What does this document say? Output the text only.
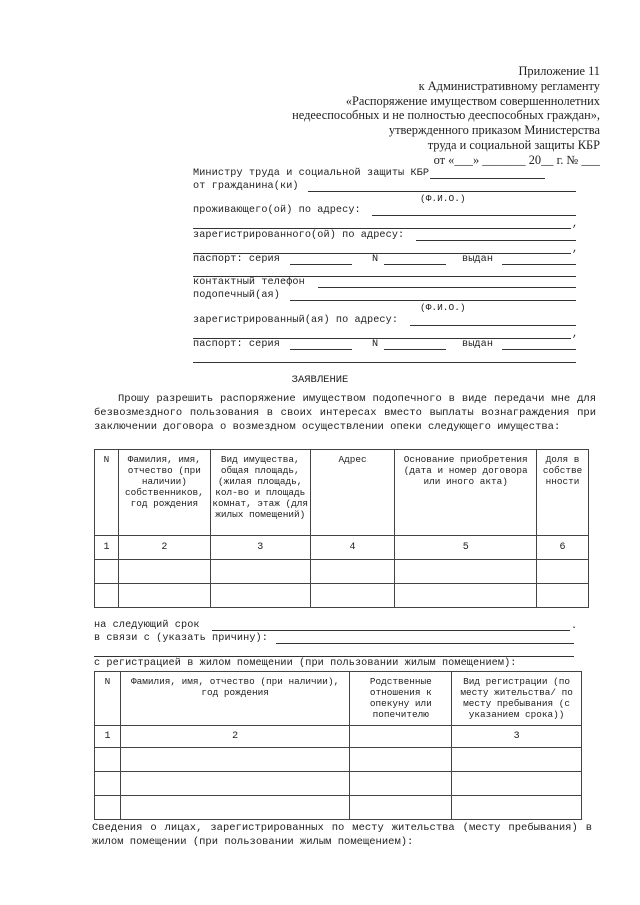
Приложение 11
к Административному регламенту
«Распоряжение имуществом совершеннолетних
недееспособных и не полностью дееспособных граждан»,
утвержденного приказом Министерства
труда и социальной защиты КБР
от «___» _______ 20__ г. № ___
Министру труда и социальной защиты КБР
от гражданина(ки)
(Ф.И.О.)
проживающего(ой) по адресу:
,
зарегистрированного(ой) по адресу:
,
паспорт: серия	N	выдан
контактный телефон
подопечный(ая)
(Ф.И.О.)
зарегистрированный(ая) по адресу:
,
паспорт: серия	N	выдан
ЗАЯВЛЕНИЕ
Прошу разрешить распоряжение имуществом подопечного в виде передачи мне для безвозмездного пользования в своих интересах вместо выплаты вознаграждения при заключении договора о возмездном осуществлении опеки следующего имущества:
N	Фамилия, имя, отчество (при наличии) собственников, год рождения	Вид имущества, общая площадь, (жилая площадь, кол-во и площадь комнат, этаж (для жилых помещений)	Адрес	Основание приобретения (дата и номер договора или иного акта)	Доля в собстве нности
1	2	3	4	5	6

на следующий срок	.
в связи с (указать причину):
с регистрацией в жилом помещении (при пользовании жилым помещением):
N	Фамилия, имя, отчество (при наличии), год рождения	Родственные отношения к опекуну или попечителю	Вид регистрации (по месту жительства/ по месту пребывания (с указанием срока))
1	2		3

Сведения о лицах, зарегистрированных по месту жительства (месту пребывания) в жилом помещении (при пользовании жилым помещением):
